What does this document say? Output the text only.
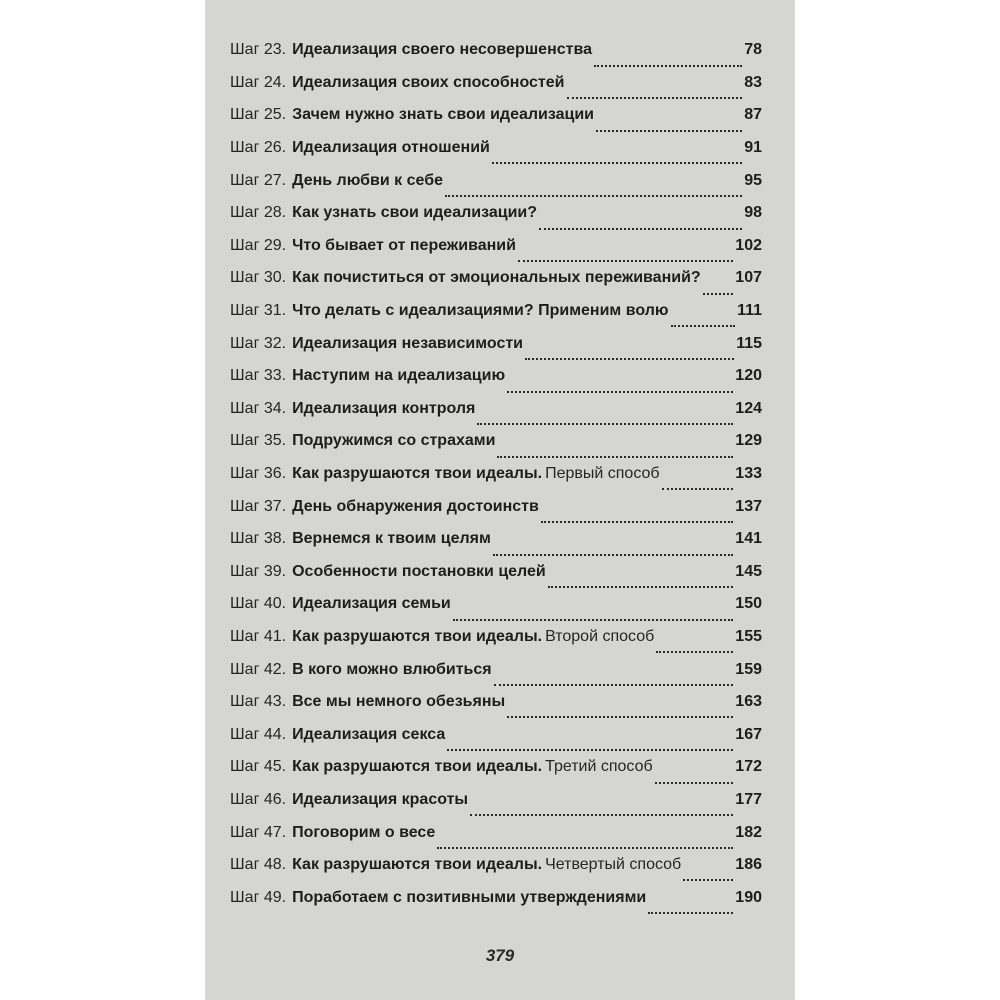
Шаг 23. Идеализация своего несовершенства	78
Шаг 24. Идеализация своих способностей	83
Шаг 25. Зачем нужно знать свои идеализации	87
Шаг 26. Идеализация отношений	91
Шаг 27. День любви к себе	95
Шаг 28. Как узнать свои идеализации?	98
Шаг 29. Что бывает от переживаний	102
Шаг 30. Как почиститься от эмоциональных переживаний? 107
Шаг 31. Что делать с идеализациями? Применим волю	111
Шаг 32. Идеализация независимости	115
Шаг 33. Наступим на идеализацию	120
Шаг 34. Идеализация контроля	124
Шаг 35. Подружимся со страхами	129
Шаг 36. Как разрушаются твои идеалы. Первый способ	133
Шаг 37. День обнаружения достоинств	137
Шаг 38. Вернемся к твоим целям	141
Шаг 39. Особенности постановки целей	145
Шаг 40. Идеализация семьи	150
Шаг 41. Как разрушаются твои идеалы. Второй способ	155
Шаг 42. В кого можно влюбиться	159
Шаг 43. Все мы немного обезьяны	163
Шаг 44. Идеализация секса	167
Шаг 45. Как разрушаются твои идеалы. Третий способ	172
Шаг 46. Идеализация красоты	177
Шаг 47. Поговорим о весе	182
Шаг 48. Как разрушаются твои идеалы. Четвертый способ	186
Шаг 49. Поработаем с позитивными утверждениями	190
379
